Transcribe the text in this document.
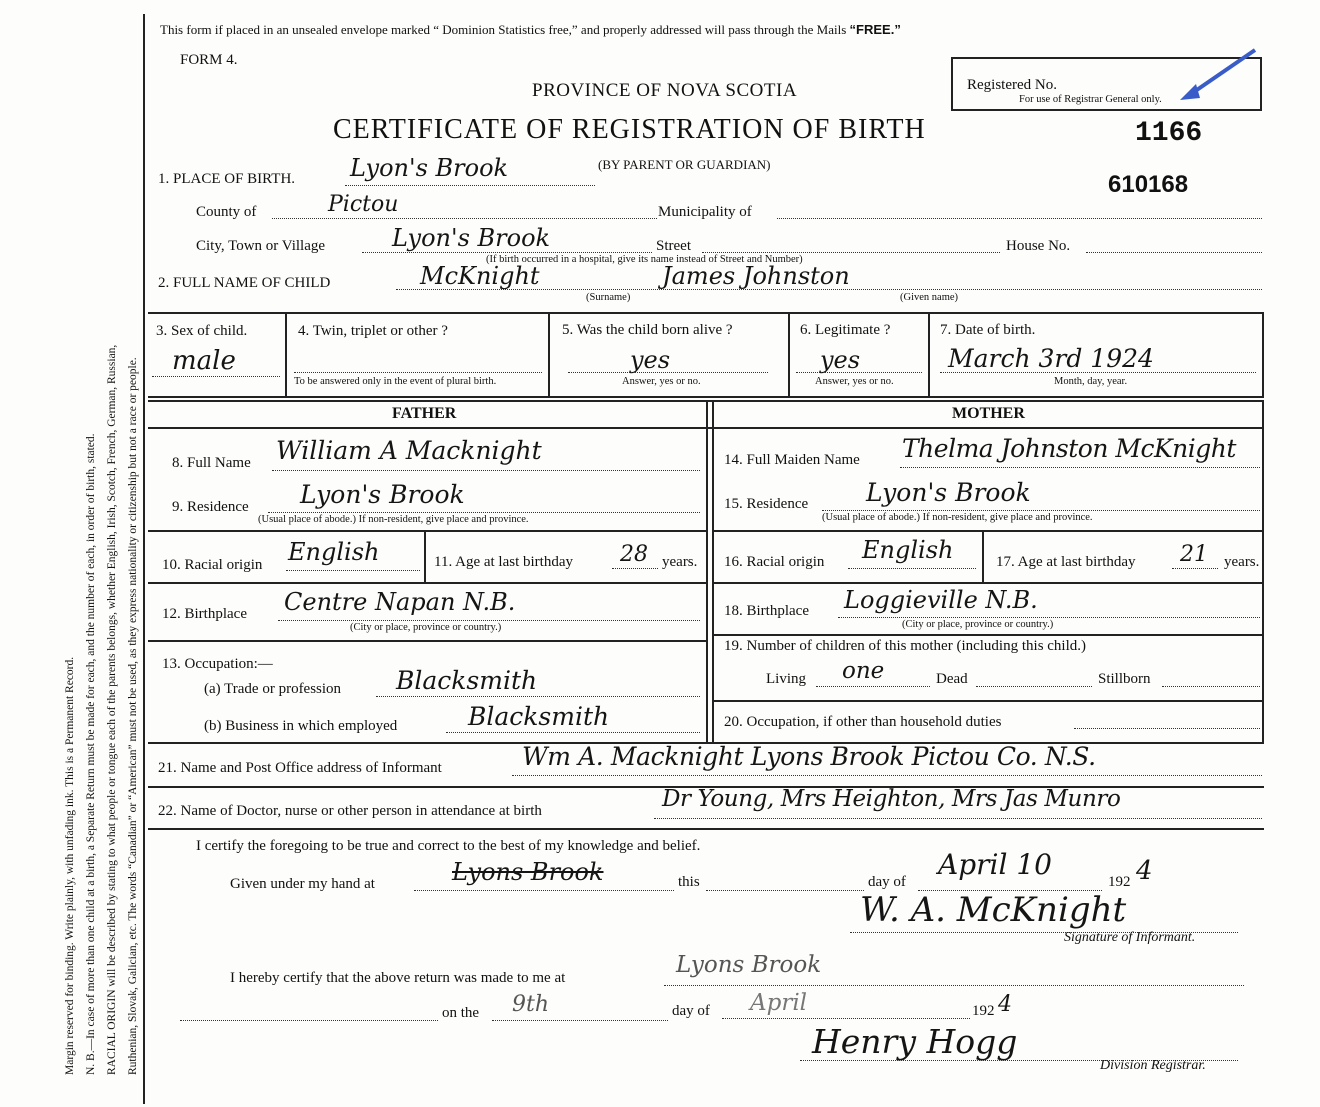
Margin reserved for binding. Write plainly, with unfading ink. This is a Permanent Record. N. B.—In case of more than one child at a birth, a Separate Return must be made for each, and the number of each, in order of birth, stated. RACIAL ORIGIN will be described by stating to what people or tongue each of the parents belongs, whether English, Irish, Scotch, French, German, Russian, Ruthenian, Slovak, Galician, etc. The words “Canadian” or “American” must not be used, as they express nationality or citizenship but not a race or people.
This form if placed in an unsealed envelope marked “ Dominion Statistics free,” and properly addressed will pass through the Mails “FREE.”
FORM 4.
PROVINCE OF NOVA SCOTIA
CERTIFICATE OF REGISTRATION OF BIRTH
(BY PARENT OR GUARDIAN)
Registered No.
For use of Registrar General only.
1166
610168
1. PLACE OF BIRTH. Lyon's Brook
County of	Pictou	Municipality of
City, Town or Village	Lyon's Brook	Street	House No.
(If birth occurred in a hospital, give its name instead of Street and Number)
2. FULL NAME OF CHILD	McKnight	James Johnston
(Surname)	(Given name)
3. Sex of child.
male
4. Twin, triplet or other ?
To be answered only in the event of plural birth.
5. Was the child born alive ?
yes
Answer, yes or no.
6. Legitimate ?
yes
Answer, yes or no.
7. Date of birth.
March 3rd 1924
Month, day, year.
FATHER	MOTHER
8. Full Name William A Macknight
9. Residence Lyon's Brook
(Usual place of abode.) If non-resident, give place and province.
10. Racial origin English	11. Age at last birthday 28 years.
12. Birthplace Centre Napan N.B.
(City or place, province or country.)
13. Occupation:—
(a) Trade or profession Blacksmith
(b) Business in which employed	Blacksmith
14. Full Maiden Name Thelma Johnston McKnight
15. Residence Lyon's Brook
(Usual place of abode.) If non-resident, give place and province.
16. Racial origin English	17. Age at last birthday 21 years.
18. Birthplace Loggieville N.B.
(City or place, province or country.)
19. Number of children of this mother (including this child.)
Living one	Dead	Stillborn
20. Occupation, if other than household duties
21. Name and Post Office address of Informant	Wm A. Macknight Lyons Brook Pictou Co. N.S.
22. Name of Doctor, nurse or other person in attendance at birth	Dr Young, Mrs Heighton, Mrs Jas Munro
I certify the foregoing to be true and correct to the best of my knowledge and belief.
Given under my hand at	Lyons Brook	this	day of
April 10
192 4
W. A. McKnight
Signature of Informant.
I hereby certify that the above return was made to me at	Lyons Brook
on the 9th	day of April	192 4
Henry Hogg
Division Registrar.
